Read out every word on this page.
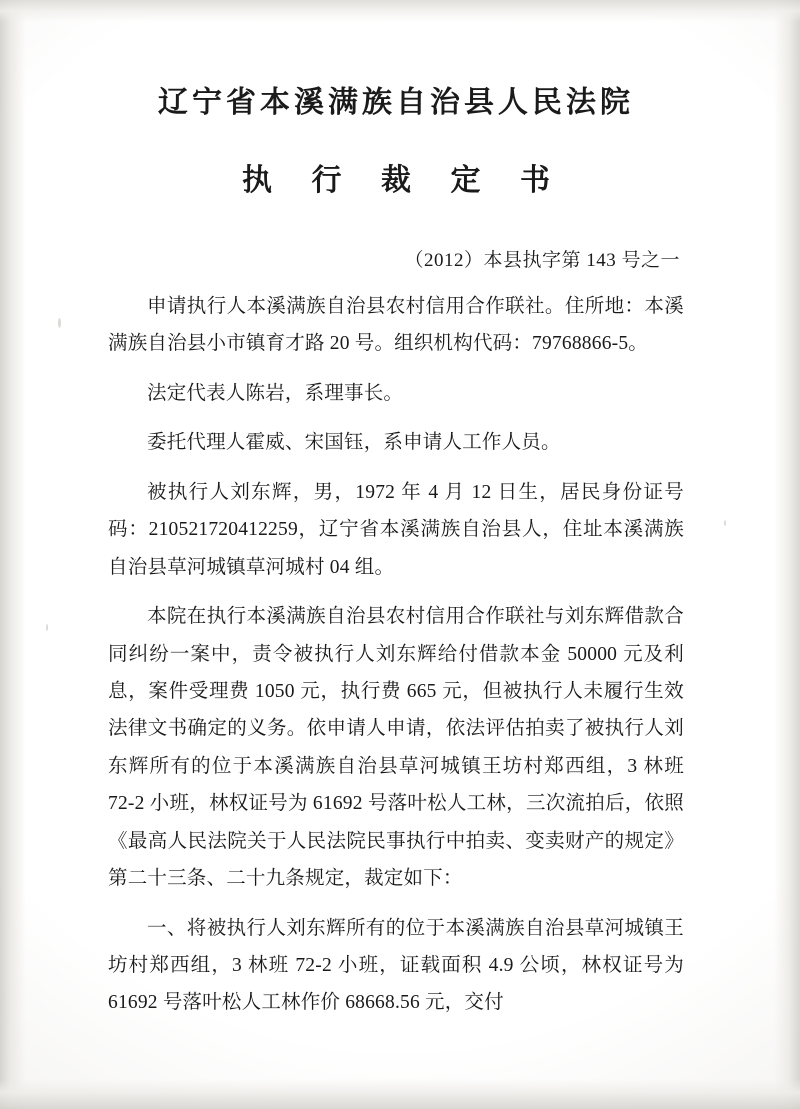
辽宁省本溪满族自治县人民法院
执 行 裁 定 书
（2012）本县执字第 143 号之一

申请执行人本溪满族自治县农村信用合作联社。住所地：本溪满族自治县小市镇育才路 20 号。组织机构代码：79768866-5。

法定代表人陈岩，系理事长。

委托代理人霍威、宋国钰，系申请人工作人员。

被执行人刘东辉，男，1972 年 4 月 12 日生，居民身份证号码：210521720412259，辽宁省本溪满族自治县人，住址本溪满族自治县草河城镇草河城村 04 组。

本院在执行本溪满族自治县农村信用合作联社与刘东辉借款合同纠纷一案中，责令被执行人刘东辉给付借款本金 50000 元及利息，案件受理费 1050 元，执行费 665 元，但被执行人未履行生效法律文书确定的义务。依申请人申请，依法评估拍卖了被执行人刘东辉所有的位于本溪满族自治县草河城镇王坊村郑西组，3 林班 72-2 小班，林权证号为 61692 号落叶松人工林，三次流拍后，依照《最高人民法院关于人民法院民事执行中拍卖、变卖财产的规定》第二十三条、二十九条规定，裁定如下：

一、将被执行人刘东辉所有的位于本溪满族自治县草河城镇王坊村郑西组，3 林班 72-2 小班，证载面积 4.9 公顷，林权证号为 61692 号落叶松人工林作价 68668.56 元，交付
